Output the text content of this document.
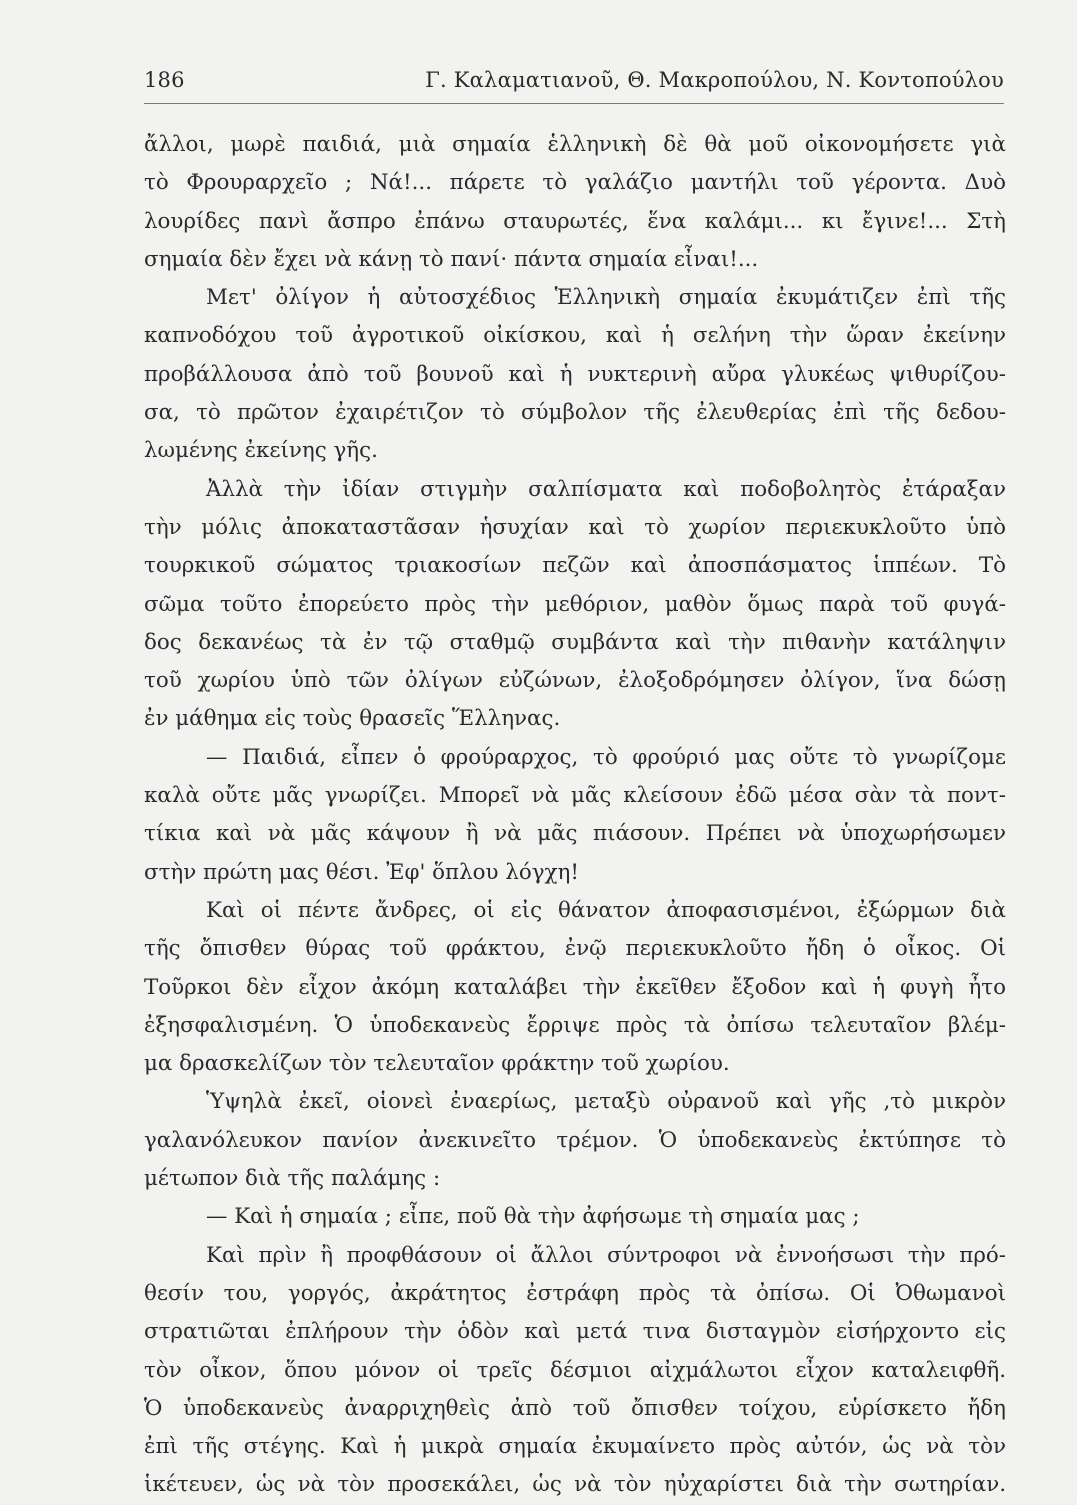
186	Γ. Καλαματιανοῦ, Θ. Μακροπούλου, Ν. Κοντοπούλου
ἄλλοι, μωρὲ παιδιά, μιὰ σημαία ἑλληνικὴ δὲ θὰ μοῦ οἰκονομήσετε γιὰ
τὸ Φρουραρχεῖο ; Νά!... πάρετε τὸ γαλάζιο μαντήλι τοῦ γέροντα. Δυὸ
λουρίδες πανὶ ἄσπρο ἐπάνω σταυρωτές, ἕνα καλάμι... κι ἔγινε!... Στὴ
σημαία δὲν ἔχει νὰ κάνῃ τὸ πανί· πάντα σημαία εἶναι!...
Μετ' ὀλίγον ἡ αὐτοσχέδιος Ἑλληνικὴ σημαία ἐκυμάτιζεν ἐπὶ τῆς
καπνοδόχου τοῦ ἀγροτικοῦ οἰκίσκου, καὶ ἡ σελήνη τὴν ὥραν ἐκείνην
προβάλλουσα ἀπὸ τοῦ βουνοῦ καὶ ἡ νυκτερινὴ αὔρα γλυκέως ψιθυρίζου-
σα, τὸ πρῶτον ἐχαιρέτιζον τὸ σύμβολον τῆς ἐλευθερίας ἐπὶ τῆς δεδου-
λωμένης ἐκείνης γῆς.
Ἀλλὰ τὴν ἰδίαν στιγμὴν σαλπίσματα καὶ ποδοβοληтὸς ἐτάραξαν
τὴν μόλις ἀποκαταστᾶσαν ἡσυχίαν καὶ τὸ χωρίον περιεκυκλοῦτο ὑπὸ
τουρκικοῦ σώματος τριακοσίων πεζῶν καὶ ἀποσπάσματος ἱππέων. Τὸ
σῶμα τοῦτο ἐπορεύετο πρὸς τὴν μεθόριον, μαθὸν ὅμως παρὰ τοῦ φυγά-
δος δεκανέως τὰ ἐν τῷ σταθμῷ συμβάντα καὶ τὴν πιθανὴν κατάληψιν
τοῦ χωρίου ὑπὸ τῶν ὀλίγων εὐζώνων, ἐλοξοδρόμησεν ὀλίγον, ἵνα δώσῃ
ἐν μάθημα εἰς τοὺς θρασεῖς Ἕλληνας.
— Παιδιά, εἶπεν ὁ φρούραρχος, τὸ φρούριό μας οὔτε τὸ γνωρίζομε
καλὰ οὔτε μᾶς γνωρίζει. Μπορεῖ νὰ μᾶς κλείσουν ἐδῶ μέσα σὰν τὰ ποντ-
τίκια καὶ νὰ μᾶς κάψουν ἢ νὰ μᾶς πιάσουν. Πρέπει νὰ ὑποχωρήσωμεν
στὴν πρώτη μας θέσι. Ἐφ' ὅπλου λόγχη!
Καὶ οἱ πέντε ἄνδρες, οἱ εἰς θάνατον ἀποφασισμένοι, ἐξώρμων διὰ
τῆς ὄπισθεν θύρας τοῦ φράκτου, ἐνῷ περιεκυκλοῦτο ἤδη ὁ οἶκος. Οἱ
Τοῦρκοι δὲν εἶχον ἀκόμη καταλάβει τὴν ἐκεῖθεν ἔξοδον καὶ ἡ φυγὴ ἦτο
ἐξησφαλισμένη. Ὁ ὑποδεκανεὺς ἔρριψε πρὸς τὰ ὀπίσω τελευταῖον βλέμ-
μα δρασκελίζων τὸν τελευταῖον φράκτην τοῦ χωρίου.
Ὑψηλὰ ἐκεῖ, οἱονεὶ ἐναερίως, μεταξὺ οὐρανοῦ καὶ γῆς ,τὸ μικρὸν
γαλανόλευκον πανίον ἀνεκινεῖτο τρέμον. Ὁ ὑποδεκανεὺς ἐκτύπησε τὸ
μέτωπον διὰ τῆς παλάμης :
— Καὶ ἡ σημαία ; εἶπε, ποῦ θὰ τὴν ἀφήσωμε τὴ σημαία μας ;
Καὶ πρὶν ἢ προφθάσουν οἱ ἄλλοι σύντροφοι νὰ ἐννοήσωσι τὴν πρό-
θεσίν του, γοργός, ἀκράτητος ἐστράφη πρὸς τὰ ὀπίσω. Οἱ Ὀθωμανοὶ
στρατιῶται ἐπλήρουν τὴν ὁδὸν καὶ μετά τινα δισταγμὸν εἰσήρχοντο εἰς
τὸν οἶκον, ὅπου μόνον οἱ τρεῖς δέσμιοι αἰχμάλωτοι εἶχον καταλειφθῆ.
Ὁ ὑποδεκανεὺς ἀναρριχηθεὶς ἀπὸ τοῦ ὄπισθεν τοίχου, εὑρίσκετο ἤδη
ἐπὶ τῆς στέγης. Καὶ ἡ μικρὰ σημαία ἐκυμαίνετο πρὸς αὐτόν, ὡς νὰ τὸν
ἱκέτευεν, ὡς νὰ τὸν προσεκάλει, ὡς νὰ τὸν ηὐχαρίστει διὰ τὴν σωτηρίαν.
